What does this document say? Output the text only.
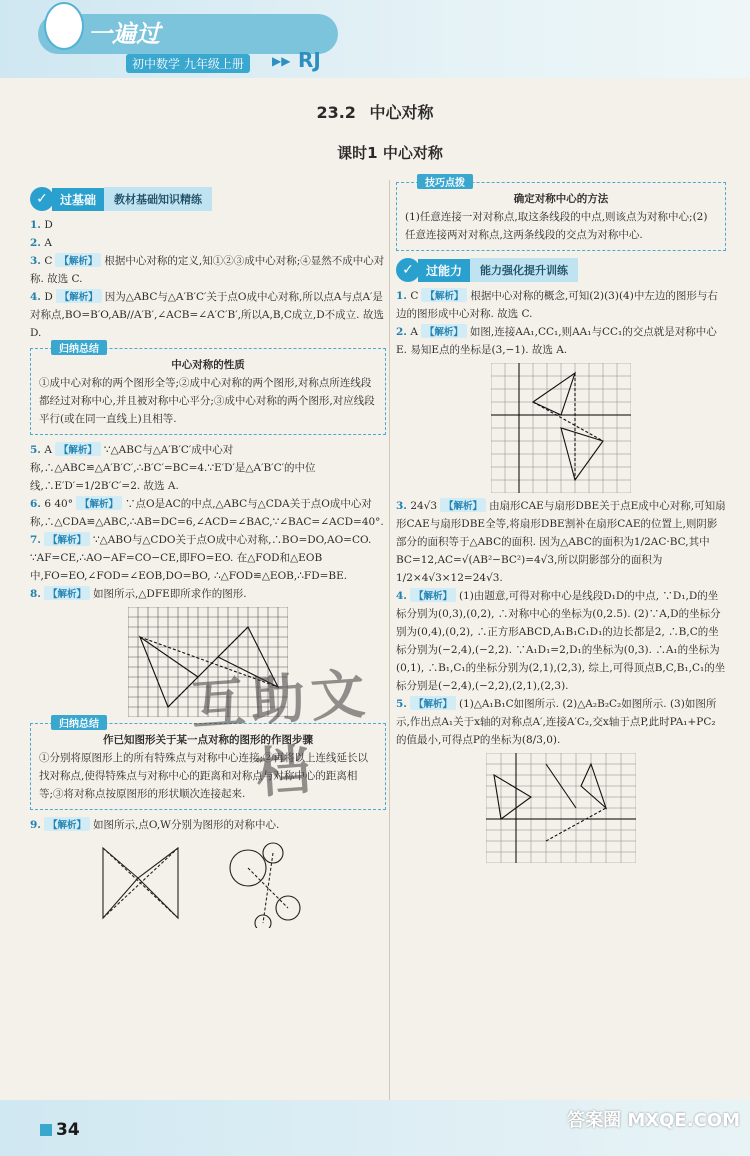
一遍过
初中数学 九年级上册	▶▶ RJ
23.2 中心对称
课时1 中心对称
✓	过基础	教材基础知识精练

1. D

2. A

3. C 【解析】 根据中心对称的定义,知①②③成中心对称;④显然不成中心对称. 故选 C.

4. D 【解析】 因为△ABC与△A′B′C′关于点O成中心对称,所以点A与点A′是对称点,BO=B′O,AB//A′B′,∠ACB=∠A′C′B′,所以A,B,C成立,D不成立. 故选 D.

归纳总结
中心对称的性质
①成中心对称的两个图形全等;②成中心对称的两个图形,对称点所连线段都经过对称中心,并且被对称中心平分;③成中心对称的两个图形,对应线段平行(或在同一直线上)且相等.

5. A 【解析】 ∵△ABC与△A′B′C′成中心对称,∴△ABC≌△A′B′C′,∴B′C′=BC=4.∵E′D′是△A′B′C′的中位线,∴E′D′=1/2B′C′=2. 故选 A.

6. 6 40° 【解析】 ∵点O是AC的中点,△ABC与△CDA关于点O成中心对称,∴△CDA≌△ABC,∴AB=DC=6,∠ACD=∠BAC,∵∠BAC=∠ACD=40°.

7. 【解析】 ∵△ABO与△CDO关于点O成中心对称,∴BO=DO,AO=CO. ∵AF=CE,∴AO−AF=CO−CE,即FO=EO. 在△FOD和△EOB中,FO=EO,∠FOD=∠EOB,DO=BO, ∴△FOD≌△EOB,∴FD=BE.

8. 【解析】 如图所示,△DFE即所求作的图形.

归纳总结
作已知图形关于某一点对称的图形的作图步骤
①分别将原图形上的所有特殊点与对称中心连接;②再将以上连线延长以找对称点,使得特殊点与对称中心的距离和对称点与对称中心的距离相等;③将对称点按原图形的形状顺次连接起来.

9. 【解析】 如图所示,点O,W分别为图形的对称中心.

互助文档
技巧点拨
确定对称中心的方法
(1)任意连接一对对称点,取这条线段的中点,则该点为对称中心;(2)任意连接两对对称点,这两条线段的交点为对称中心.
✓	过能力	能力强化提升训练

1. C 【解析】 根据中心对称的概念,可知(2)(3)(4)中左边的图形与右边的图形成中心对称. 故选 C.

2. A 【解析】 如图,连接AA₁,CC₁,则AA₁与CC₁的交点就是对称中心E. 易知E点的坐标是(3,−1). 故选 A.

3. 24√3 【解析】 由扇形CAE与扇形DBE关于点E成中心对称,可知扇形CAE与扇形DBE全等,将扇形DBE割补在扇形CAE的位置上,则阴影部分的面积等于△ABC的面积. 因为△ABC的面积为1/2AC·BC,其中BC=12,AC=√(AB²−BC²)=4√3,所以阴影部分的面积为1/2×4√3×12=24√3.

4. 【解析】 (1)由题意,可得对称中心是线段D₁D的中点, ∵D₁,D的坐标分别为(0,3),(0,2), ∴对称中心的坐标为(0,2.5). (2)∵A,D的坐标分别为(0,4),(0,2), ∴正方形ABCD,A₁B₁C₁D₁的边长都是2, ∴B,C的坐标分别为(−2,4),(−2,2). ∵A₁D₁=2,D₁的坐标为(0,3). ∴A₁的坐标为(0,1), ∴B₁,C₁的坐标分别为(2,1),(2,3), 综上,可得顶点B,C,B₁,C₁的坐标分别是(−2,4),(−2,2),(2,1),(2,3).

5. 【解析】 (1)△A₁B₁C如图所示. (2)△A₂B₂C₂如图所示. (3)如图所示,作出点A₁关于x轴的对称点A′,连接A′C₂,交x轴于点P,此时PA₁+PC₂的值最小,可得点P的坐标为(8/3,0).

34	答案圈 MXQE.COM
